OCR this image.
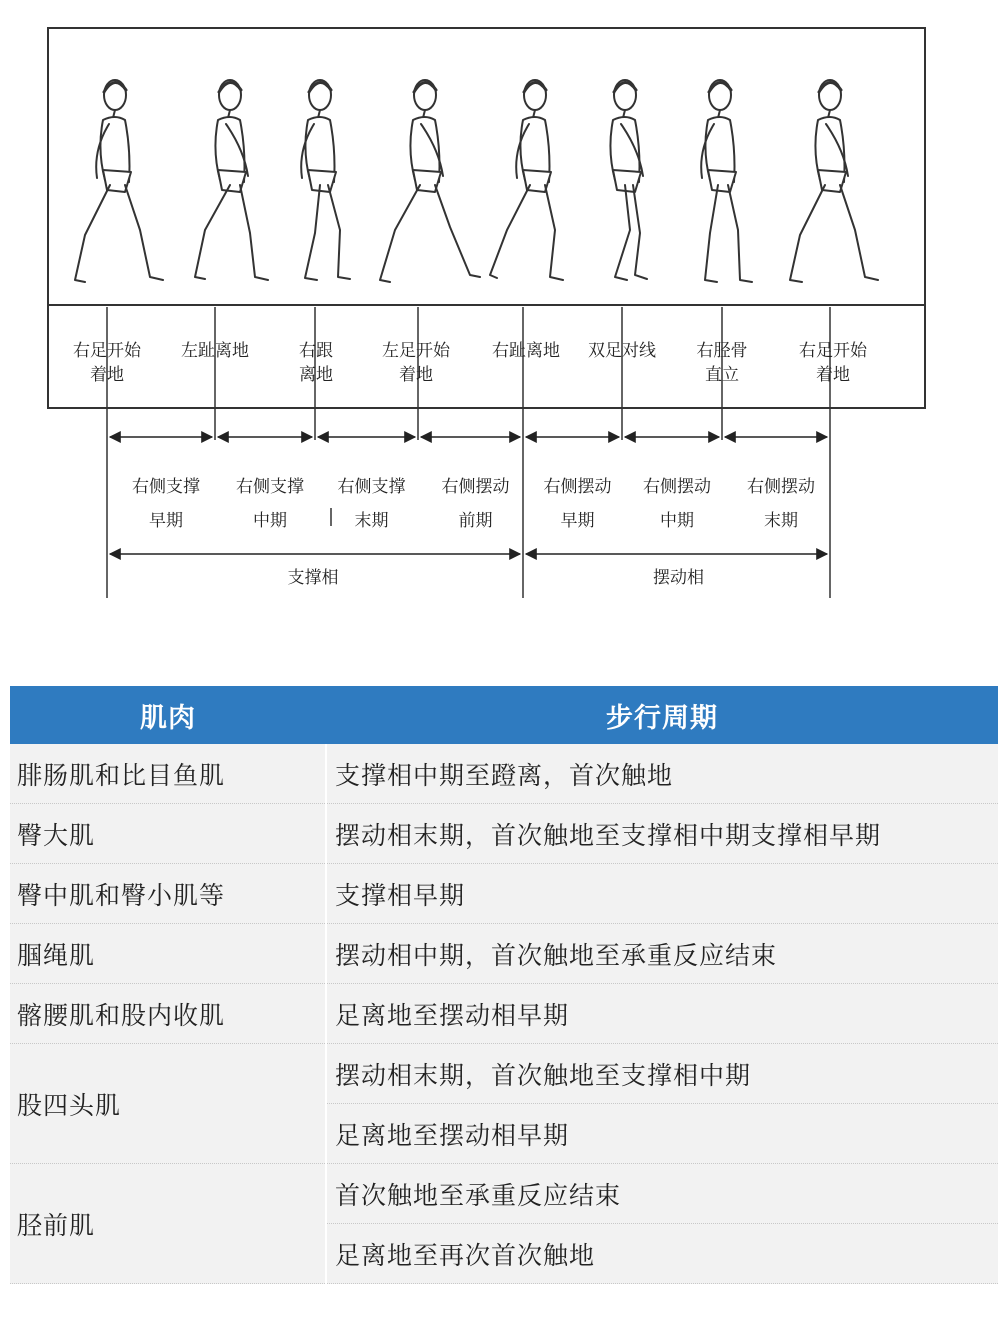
右足开始着地
左趾离地	右跟离地
左足开始着地
右趾离地 双足对线 右胫骨直立
右足开始着地
右侧支撑早期
右侧支撑中期
右侧支撑末期
右侧摆动前期
右侧摆动早期
右侧摆动中期
右侧摆动末期
支撑相	摆动相
肌肉	步行周期
腓肠肌和比目鱼肌	支撑相中期至蹬离，首次触地
臀大肌	摆动相末期，首次触地至支撑相中期支撑相早期
臀中肌和臀小肌等	支撑相早期
腘绳肌	摆动相中期，首次触地至承重反应结束
髂腰肌和股内收肌	足离地至摆动相早期
股四头肌	摆动相末期，首次触地至支撑相中期
	足离地至摆动相早期
胫前肌	首次触地至承重反应结束
	足离地至再次首次触地
